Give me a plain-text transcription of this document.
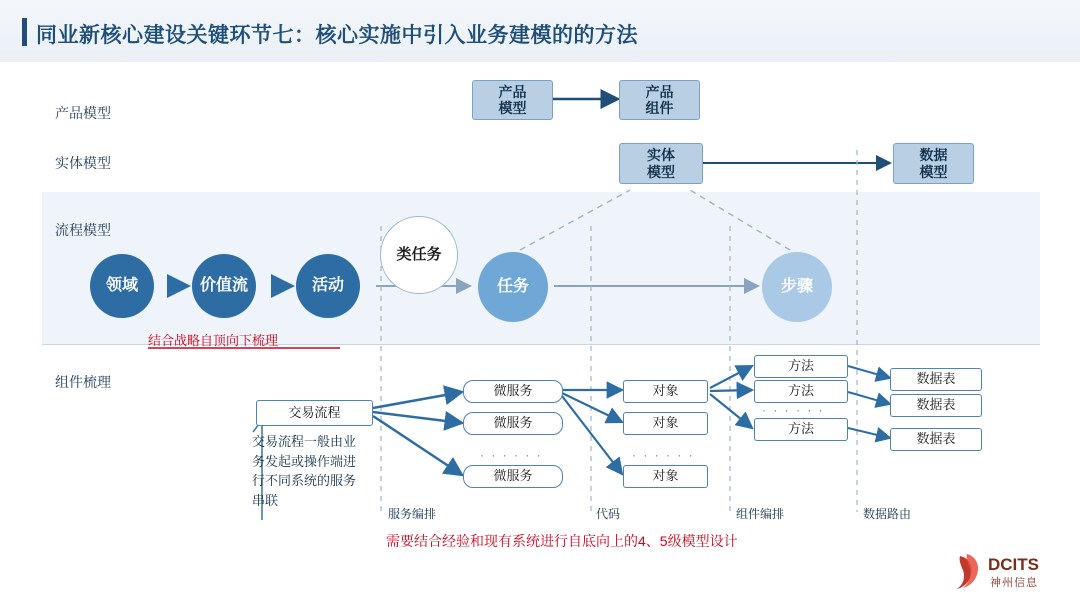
同业新核心建设关键环节七：核心实施中引入业务建模的的方法
产品模型
实体模型
流程模型
组件梳理
产品
模型
产品
组件
实体
模型
数据
模型
领域	价值流	活动
类任务
任务	步骤
结合战略自顶向下梳理
交易流程
交易流程一般由业务发起或操作端进行不同系统的服务串联
微服务
微服务
· · · · · ·
微服务
对象
对象
· · · · · ·
对象
方法
方法
· · · · · ·
方法
数据表
数据表
数据表
服务编排	代码	组件编排	数据路由
需要结合经验和现有系统进行自底向上的4、5级模型设计
DCITS
神州信息
